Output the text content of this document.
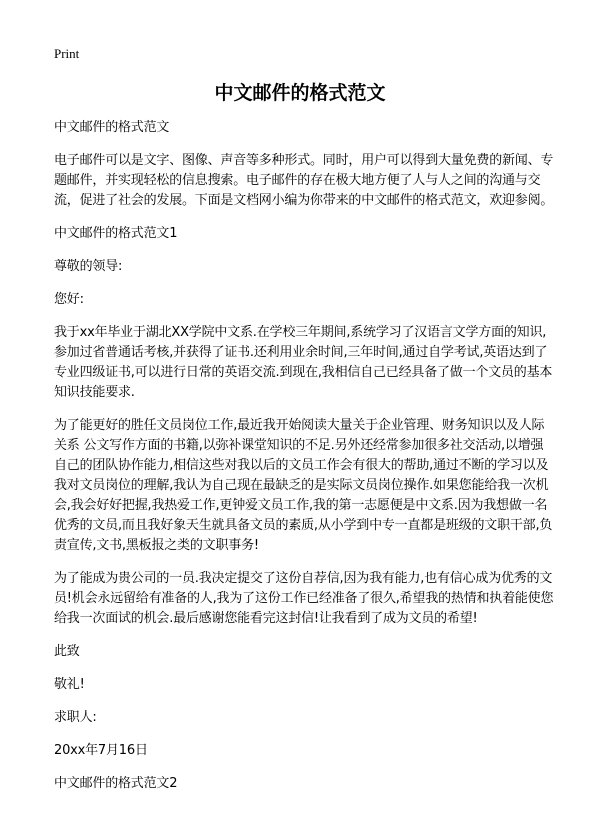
Print
中文邮件的格式范文
中文邮件的格式范文

电子邮件可以是文字、图像、声音等多种形式。同时，用户可以得到大量免费的新闻、专题邮件，并实现轻松的信息搜索。电子邮件的存在极大地方便了人与人之间的沟通与交流，促进了社会的发展。下面是文档网小编为你带来的中文邮件的格式范文，欢迎参阅。

中文邮件的格式范文1
尊敬的领导:
您好:

我于xx年毕业于湖北XX学院中文系.在学校三年期间,系统学习了汉语言文学方面的知识,参加过省普通话考核,并获得了证书.还利用业余时间,三年时间,通过自学考试,英语达到了专业四级证书,可以进行日常的英语交流.到现在,我相信自己已经具备了做一个文员的基本知识技能要求.

为了能更好的胜任文员岗位工作,最近我开始阅读大量关于企业管理、财务知识以及人际关系 公文写作方面的书籍,以弥补课堂知识的不足.另外还经常参加很多社交活动,以增强自己的团队协作能力,相信这些对我以后的文员工作会有很大的帮助,通过不断的学习以及我对文员岗位的理解,我认为自己现在最缺乏的是实际文员岗位操作.如果您能给我一次机会,我会好好把握,我热爱工作,更钟爱文员工作,我的第一志愿便是中文系.因为我想做一名优秀的文员,而且我好象天生就具备文员的素质,从小学到中专一直都是班级的文职干部,负责宣传,文书,黑板报之类的文职事务!

为了能成为贵公司的一员.我决定提交了这份自荐信,因为我有能力,也有信心成为优秀的文员!机会永远留给有准备的人,我为了这份工作已经准备了很久,希望我的热情和执着能使您给我一次面试的机会.最后感谢您能看完这封信!让我看到了成为文员的希望!

此致
敬礼!
求职人:
20xx年7月16日
中文邮件的格式范文2
